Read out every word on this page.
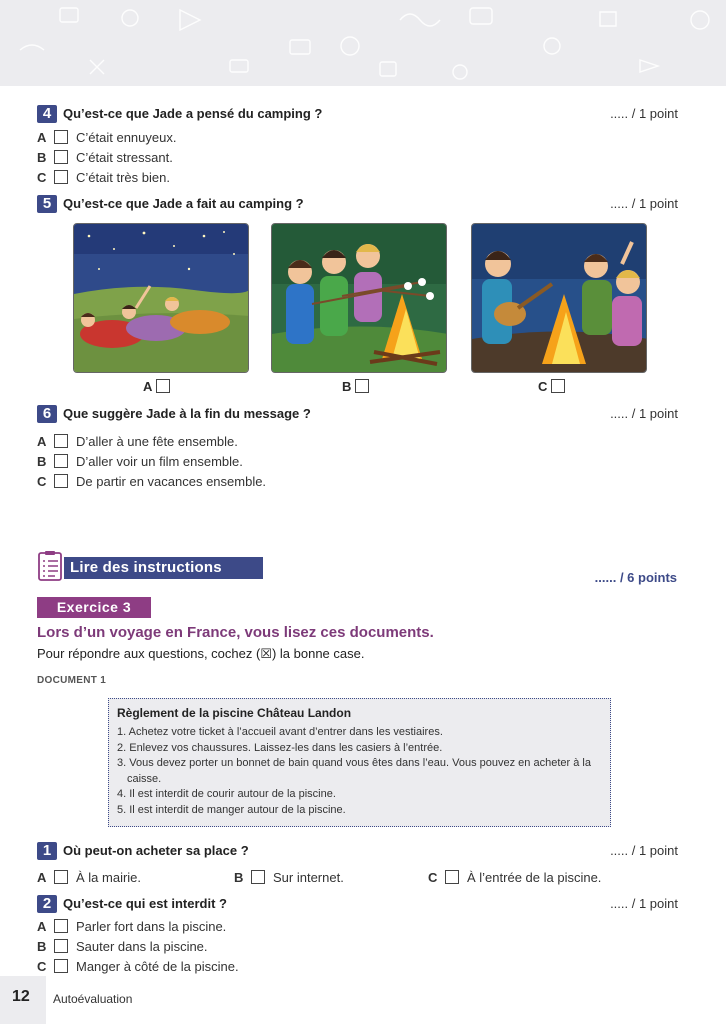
4 Qu’est-ce que Jade a pensé du camping ?	..... / 1 point
A C’était ennuyeux.
B C’était stressant.
C C’était très bien.
5 Qu’est-ce que Jade a fait au camping ?	..... / 1 point
A	B	C
6 Que suggère Jade à la fin du message ?	..... / 1 point
A D’aller à une fête ensemble.
B D’aller voir un film ensemble.
C De partir en vacances ensemble.
Lire des instructions
...... / 6 points
Exercice 3
Lors d’un voyage en France, vous lisez ces documents.
Pour répondre aux questions, cochez (☒) la bonne case.
DOCUMENT 1
Règlement de la piscine Château Landon
1. Achetez votre ticket à l’accueil avant d’entrer dans les vestiaires.
2. Enlevez vos chaussures. Laissez-les dans les casiers à l’entrée.
3. Vous devez porter un bonnet de bain quand vous êtes dans l’eau. Vous pouvez en acheter à la caisse.
4. Il est interdit de courir autour de la piscine.
5. Il est interdit de manger autour de la piscine.
1 Où peut-on acheter sa place ?	..... / 1 point
A À la mairie.	B Sur internet.	C À l’entrée de la piscine.
2 Qu’est-ce qui est interdit ?	..... / 1 point
A Parler fort dans la piscine.
B Sauter dans la piscine.
C Manger à côté de la piscine.
12 Autoévaluation
